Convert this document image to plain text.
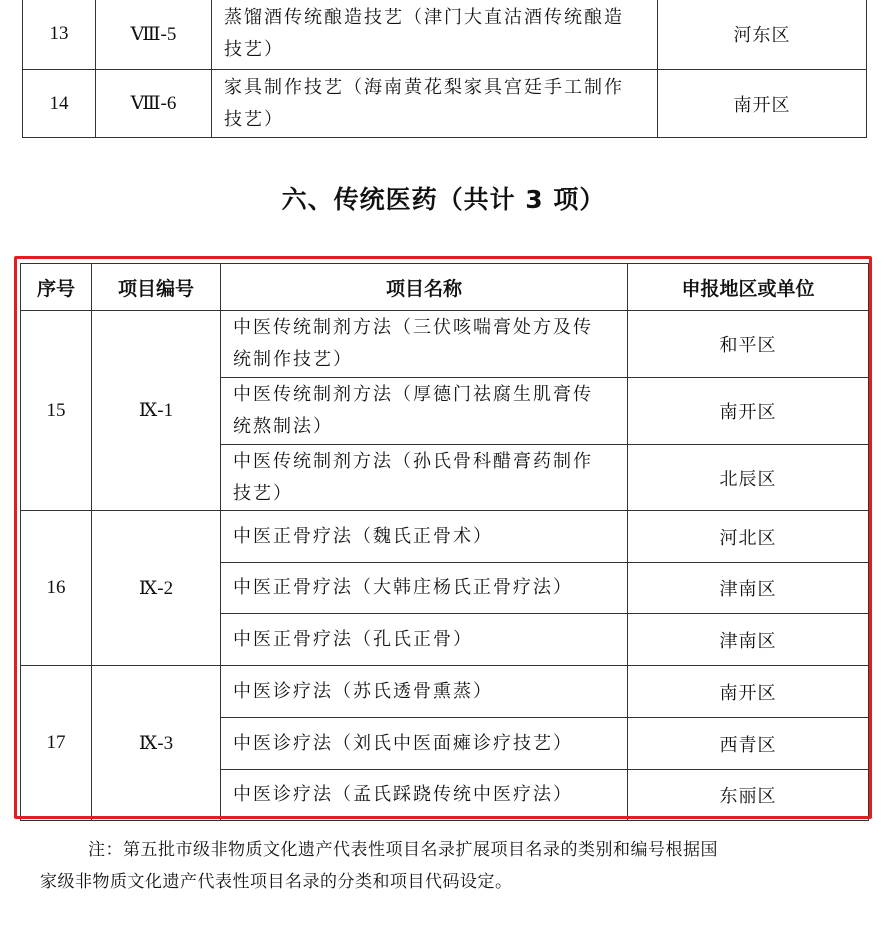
13	Ⅷ-5	蒸馏酒传统酿造技艺（津门大直沽酒传统酿造
技艺）	河东区
14	Ⅷ-6	家具制作技艺（海南黄花梨家具宫廷手工制作
技艺）	南开区
六、传统医药（共计 3 项）
序号	项目编号	项目名称	申报地区或单位
15	Ⅸ-1	中医传统制剂方法（三伏咳喘膏处方及传
统制作技艺）	和平区
		中医传统制剂方法（厚德门祛腐生肌膏传
统熬制法）	南开区
		中医传统制剂方法（孙氏骨科醋膏药制作
技艺）	北辰区
16	Ⅸ-2	中医正骨疗法（魏氏正骨术）	河北区
		中医正骨疗法（大韩庄杨氏正骨疗法）	津南区
		中医正骨疗法（孔氏正骨）	津南区
17	Ⅸ-3	中医诊疗法（苏氏透骨熏蒸）	南开区
		中医诊疗法（刘氏中医面瘫诊疗技艺）	西青区
		中医诊疗法（孟氏踩跷传统中医疗法）	东丽区
注：第五批市级非物质文化遗产代表性项目名录扩展项目名录的类别和编号根据国
家级非物质文化遗产代表性项目名录的分类和项目代码设定。
